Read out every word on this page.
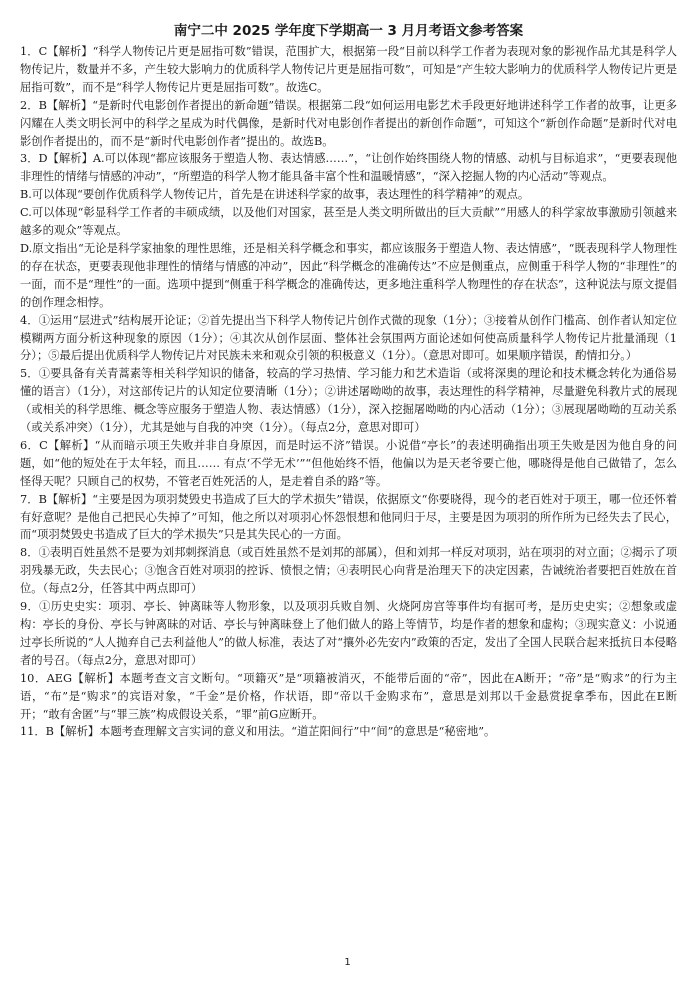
南宁二中 2025 学年度下学期高一 3 月月考语文参考答案

1．C【解析】“科学人物传记片更是屈指可数”错误，范围扩大，根据第一段“目前以科学工作者为表现对象的影视作品尤其是科学人物传记片，数量并不多，产生较大影响力的优质科学人物传记片更是屈指可数”，可知是“产生较大影响力的优质科学人物传记片更是屈指可数”，而不是“科学人物传记片更是屈指可数”。故选C。

2．B【解析】“是新时代电影创作者提出的新命题”错误。根据第二段“如何运用电影艺术手段更好地讲述科学工作者的故事，让更多闪耀在人类文明长河中的科学之星成为时代偶像，是新时代对电影创作者提出的新创作命题”，可知这个“新创作命题”是新时代对电影创作者提出的，而不是“新时代电影创作者”提出的。故选B。

3．D【解析】A.可以体现“都应该服务于塑造人物、表达情感……”，“让创作始终围绕人物的情感、动机与目标追求”，“更要表现他非理性的情绪与情感的冲动”，“所塑造的科学人物才能具备丰富个性和温暖情感”，“深入挖掘人物的内心活动”等观点。

B.可以体现“要创作优质科学人物传记片，首先是在讲述科学家的故事，表达理性的科学精神”的观点。

C.可以体现“彰显科学工作者的丰硕成绩，以及他们对国家，甚至是人类文明所做出的巨大贡献”“用感人的科学家故事激励引领越来越多的观众”等观点。

D.原文指出“无论是科学家抽象的理性思维，还是相关科学概念和事实，都应该服务于塑造人物、表达情感”，“既表现科学人物理性的存在状态，更要表现他非理性的情绪与情感的冲动”，因此“科学概念的准确传达”不应是侧重点，应侧重于科学人物的“非理性”的一面，而不是“理性”的一面。选项中提到“侧重于科学概念的准确传达，更多地注重科学人物理性的存在状态”，这种说法与原文提倡的创作理念相悖。

4．①运用“层进式”结构展开论证；②首先提出当下科学人物传记片创作式微的现象（1分）；③接着从创作门槛高、创作者认知定位模糊两方面分析这种现象的原因（1分）；④其次从创作层面、整体社会氛围两方面论述如何使高质量科学人物传记片批量涌现（1分）；⑤最后提出优质科学人物传记片对民族未来和观众引领的积极意义（1分）。（意思对即可。如果顺序错误，酌情扣分。）

5．①要具备有关青蒿素等相关科学知识的储备，较高的学习热情、学习能力和艺术造诣（或将深奥的理论和技术概念转化为通俗易懂的语言）（1分），对这部传记片的认知定位要清晰（1分）；②讲述屠呦呦的故事，表达理性的科学精神，尽量避免科教片式的展现（或相关的科学思维、概念等应服务于塑造人物、表达情感）（1分），深入挖掘屠呦呦的内心活动（1分）；③展现屠呦呦的互动关系（或关系冲突）（1分），尤其是她与自我的冲突（1分）。（每点2分，意思对即可）

6．C【解析】“从而暗示项王失败并非自身原因，而是时运不济”错误。小说借“亭长”的表述明确指出项王失败是因为他自身的问题，如“他的短处在于太年轻，而且…… 有点‘不学无术’”“但他始终不悟，他偏以为是天老爷要亡他，哪晓得是他自己做错了，怎么怪得天呢？只顾自己的权势，不管老百姓死活的人，是走着自杀的路”等。

7．B【解析】“主要是因为项羽焚毁史书造成了巨大的学术损失”错误，依据原文“你要晓得，现今的老百姓对于项王，哪一位还怀着有好意呢？是他自己把民心失掉了”可知，他之所以对项羽心怀怨恨想和他同归于尽，主要是因为项羽的所作所为已经失去了民心，而“项羽焚毁史书造成了巨大的学术损失”只是其失民心的一方面。

8．①表明百姓虽然不是要为刘邦刺探消息（或百姓虽然不是刘邦的部属），但和刘邦一样反对项羽，站在项羽的对立面；②揭示了项羽残暴无政，失去民心；③饱含百姓对项羽的控诉、愤恨之情；④表明民心向背是治理天下的决定因素，告诫统治者要把百姓放在首位。（每点2分，任答其中两点即可）

9．①历史史实：项羽、亭长、钟离昧等人物形象，以及项羽兵败自刎、火烧阿房宫等事件均有据可考，是历史史实；②想象或虚构：亭长的身份、亭长与钟离昧的对话、亭长与钟离昧登上了他们做人的路上等情节，均是作者的想象和虚构；③现实意义：小说通过亭长所说的“人人抛弃自己去利益他人”的做人标准，表达了对“攘外必先安内”政策的否定，发出了全国人民联合起来抵抗日本侵略者的号召。（每点2分，意思对即可）

10．AEG【解析】本题考查文言文断句。“项籍灭”是“项籍被消灭，不能带后面的“帝”，因此在A断开；“帝”是“购求”的行为主语，“布”是“购求”的宾语对象，“千金”是价格，作状语，即“帝以千金购求布”，意思是刘邦以千金悬赏捉拿季布，因此在E断开；“敢有舍匿”与“罪三族”构成假设关系，“罪”前G应断开。

11．B【解析】本题考查理解文言实词的意义和用法。“道芷阳间行”中“间”的意思是“秘密地”。

1
